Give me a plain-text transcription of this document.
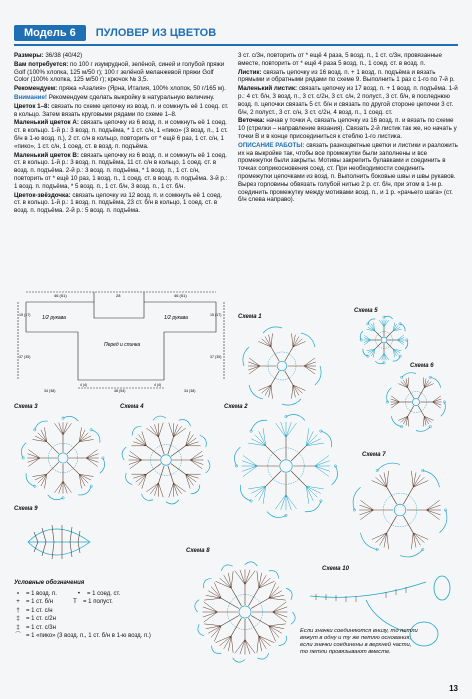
Модель 6	ПУЛОВЕР ИЗ ЦВЕТОВ

Размеры: 36/38 (40/42)

Вам потребуется: по 100 г изумрудной, зелёной, синей и голубой пряжи Golf (100% хлопка, 125 м/50 г); 100 г зелёной меланжевой пряжи Golf Color (100% хлопка, 125 м/50 г); крючок № 3,5.

Рекомендуем: пряжа «Азалия» (Ярна, Италия, 100% хлопок, 50 г/165 м).

Внимание! Рекомендуем сделать выкройку в натуральную величину.

Цветок 1–8: связать по схеме цепочку из возд. п. и сомкнуть её 1 соед. ст. в кольцо. Затем вязать круговыми рядами по схеме 1–8.

Маленький цветок А: связать цепочку из 6 возд. п. и сомкнуть её 1 соед. ст. в кольцо. 1-й р.: 3 возд. п. подъёма, * 1 ст. с/н, 1 «пико» (3 возд. п., 1 ст. б/н в 1-ю возд. п.), 2 ст. с/н в кольцо, повторить от * ещё 6 раз, 1 ст. с/н, 1 «пико», 1 ст. с/н, 1 соед. ст. в возд. п. подъёма.

Маленький цветок В: связать цепочку из 6 возд. п. и сомкнуть её 1 соед. ст. в кольцо. 1-й р.: 3 возд. п. подъёма, 11 ст. с/н в кольцо, 1 соед. ст. в возд. п. подъёма. 2-й р.: 3 возд. п. подъёма, * 1 возд. п., 1 ст. с/н, повторить от * ещё 10 раз, 1 возд. п., 1 соед. ст. в возд. п. подъёма. 3-й р.: 1 возд. п. подъёма, * 5 возд. п., 1 ст. б/н, 3 возд. п., 1 ст. б/н.

Цветок-звёздочка: связать цепочку из 12 возд. п. и сомкнуть её 1 соед. ст. в кольцо. 1-й р.: 1 возд. п. подъёма, 23 ст. б/н в кольцо, 1 соед. ст. в возд. п. подъёма. 2-й р.: 5 возд. п. подъёма.

3 ст. с/3н, повторить от * ещё 4 раза, 5 возд. п., 1 ст. с/3н, провязанные вместе, повторить от * ещё 4 раза 5 возд. п., 1 соед. ст. в возд. п.

Листик: связать цепочку из 16 возд. п. + 1 возд. п. подъёма и вязать прямыми и обратными рядами по схеме 9. Выполнить 1 раз с 1-го по 7-й р.

Маленький листик: связать цепочку из 17 возд. п. + 1 возд. п. подъёма. 1-й р.: 4 ст. б/н, 3 возд. п., 3 ст. с/2н, 3 ст. с/н, 2 полуст., 3 ст. б/н, в последнюю возд. п. цепочки связать 5 ст. б/н и связать по другой стороне цепочки 3 ст. б/н, 2 полуст., 3 ст. с/н, 3 ст. с/2н, 4 возд. п., 1 соед. ст.

Веточка: начав у точки А, связать цепочку из 16 возд. п. и вязать по схеме 10 (стрелки – направление вязания). Связать 2-й листик так же, но начать у точки В и в конце присоединиться к стеблю 1-го листика.

ОПИСАНИЕ РАБОТЫ: связать разноцветные цветки и листики и разложить их на выкройке так, чтобы все промежутки были заполнены и все промежутки были закрыты. Мотивы закрепить булавками и соединить в точках соприкосновения соед. ст. При необходимости соединить промежутки цепочками из возд. п. Выполнить боковые швы и швы рукавов. Вырез горловины обвязать голубой нитью 2 р. ст. б/н, при этом в 1-м р. соединить промежутку между мотивами возд. п., и 1 р. «рачьего шага» (ст. б/н слева направо).

46 (51)	28	46 (51)
15 (17)
37 (35)
15 (17)
37 (35)
1/2 рукава	1/2 рукава
Перед и спинка
34 (38)	48 (54)	34 (38)
4 (4)	4 (4)
Схема 1
Схема 5
Схема 6
Схема 3	Схема 4	Схема 2
Схема 7
Схема 9
Схема 8
Схема 10
Условные обозначения
∘	= 1 возд. п.	•	= 1 соед. ст.
+	= 1 ст. б/н	T	= 1 полуст.
†	= 1 ст. с/н
‡	= 1 ст. с/2н
‡	= 1 ст. с/3н
⌒ = 1 «пико» (3 возд. п., 1 ст. б/н в 1-ю возд. п.)
Если значки соединяются внизу, то петли вяжут в одну и ту же петлю основания, если значки соединены в верхней части, то петли провязывают вместе.
13
